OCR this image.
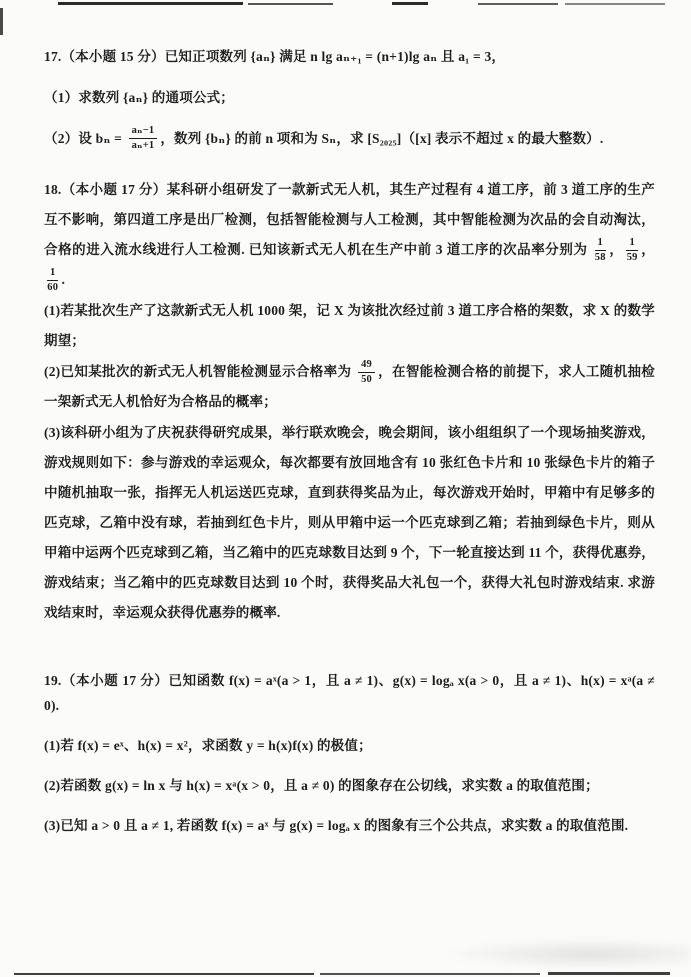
17.（本小题 15 分）已知正项数列 {aₙ} 满足 n lg aₙ₊₁ = (n+1)lg aₙ 且 a₁ = 3，
（1）求数列 {aₙ} 的通项公式；
（2）设 $b_n = \frac{\text{aₙ−1}}{\text{aₙ+1}}$ ，数列 {bₙ} 的前 n 项和为 Sₙ，求 [S₂₀₂₅]（[x] 表示不超过 x 的最大整数）.
18.（本小题 17 分）某科研小组研发了一款新式无人机，其生产过程有 4 道工序，前 3 道工序的生产互不影响，第四道工序是出厂检测，包括智能检测与人工检测，其中智能检测为次品的会自动淘汰，合格的进入流水线进行人工检测. 已知该新式无人机在生产中前 3 道工序的次品率分别为 $\frac{1}{58}$ ， $\frac{1}{59}$ ，
$\frac{1}{60}$ .
(1)若某批次生产了这款新式无人机 1000 架，记 X 为该批次经过前 3 道工序合格的架数，求 X 的数学期望；
(2)已知某批次的新式无人机智能检测显示合格率为 $\frac{49}{50}$ ，在智能检测合格的前提下，求人工随机抽检一架新式无人机恰好为合格品的概率；
(3)该科研小组为了庆祝获得研究成果，举行联欢晚会，晚会期间，该小组组织了一个现场抽奖游戏，游戏规则如下：参与游戏的幸运观众，每次都要有放回地含有 10 张红色卡片和 10 张绿色卡片的箱子中随机抽取一张，指挥无人机运送匹克球，直到获得奖品为止，每次游戏开始时，甲箱中有足够多的匹克球，乙箱中没有球，若抽到红色卡片，则从甲箱中运一个匹克球到乙箱；若抽到绿色卡片，则从甲箱中运两个匹克球到乙箱，当乙箱中的匹克球数目达到 9 个，下一轮直接达到 11 个，获得优惠券，游戏结束；当乙箱中的匹克球数目达到 10 个时，获得奖品大礼包一个，获得大礼包时游戏结束. 求游戏结束时，幸运观众获得优惠券的概率.
19.（本小题 17 分）已知函数 f(x) = aˣ(a > 1，且 a ≠ 1)、g(x) = logₐ x(a > 0，且 a ≠ 1)、h(x) = xᵃ(a ≠ 0).
(1)若 f(x) = eˣ、h(x) = x²，求函数 y = h(x)f(x) 的极值；
(2)若函数 g(x) = ln x 与 h(x) = xᵃ(x > 0，且 a ≠ 0) 的图象存在公切线，求实数 a 的取值范围；
(3)已知 a > 0 且 a ≠ 1, 若函数 f(x) = aˣ 与 g(x) = logₐ x 的图象有三个公共点，求实数 a 的取值范围.
